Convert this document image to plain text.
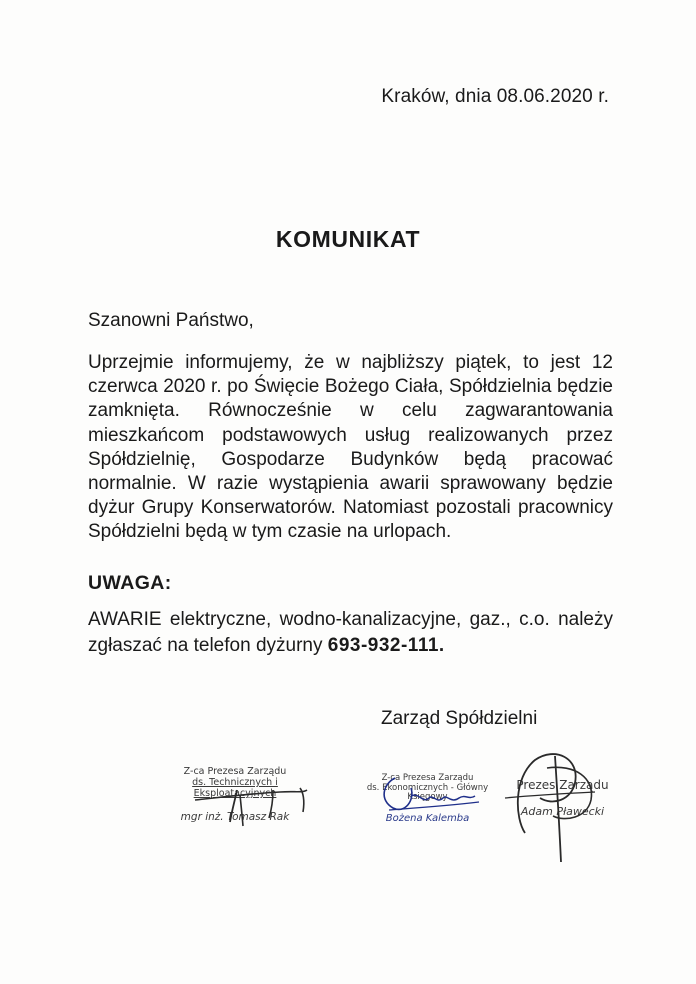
Kraków, dnia 08.06.2020 r.
KOMUNIKAT
Szanowni Państwo,
Uprzejmie informujemy, że w najbliższy piątek, to jest 12
czerwca 2020 r. po Święcie Bożego Ciała, Spółdzielnia będzie
zamknięta. Równocześnie w celu zagwarantowania
mieszkańcom podstawowych usług realizowanych przez
Spółdzielnię, Gospodarze Budynków będą pracować
normalnie. W razie wystąpienia awarii sprawowany będzie
dyżur Grupy Konserwatorów. Natomiast pozostali pracownicy
Spółdzielni będą w tym czasie na urlopach.
UWAGA:
AWARIE elektryczne, wodno-kanalizacyjne, gaz., c.o. należy
zgłaszać na telefon dyżurny 693-932-111.
Zarząd Spółdzielni
Z-ca Prezesa Zarządu
ds. Technicznych i Eksploatacyjnych
mgr inż. Tomasz Rak
Z-ca Prezesa Zarządu
ds. Ekonomicznych - Główny Księgowy
Bożena Kalemba
Prezes Zarządu
Adam Pławecki
